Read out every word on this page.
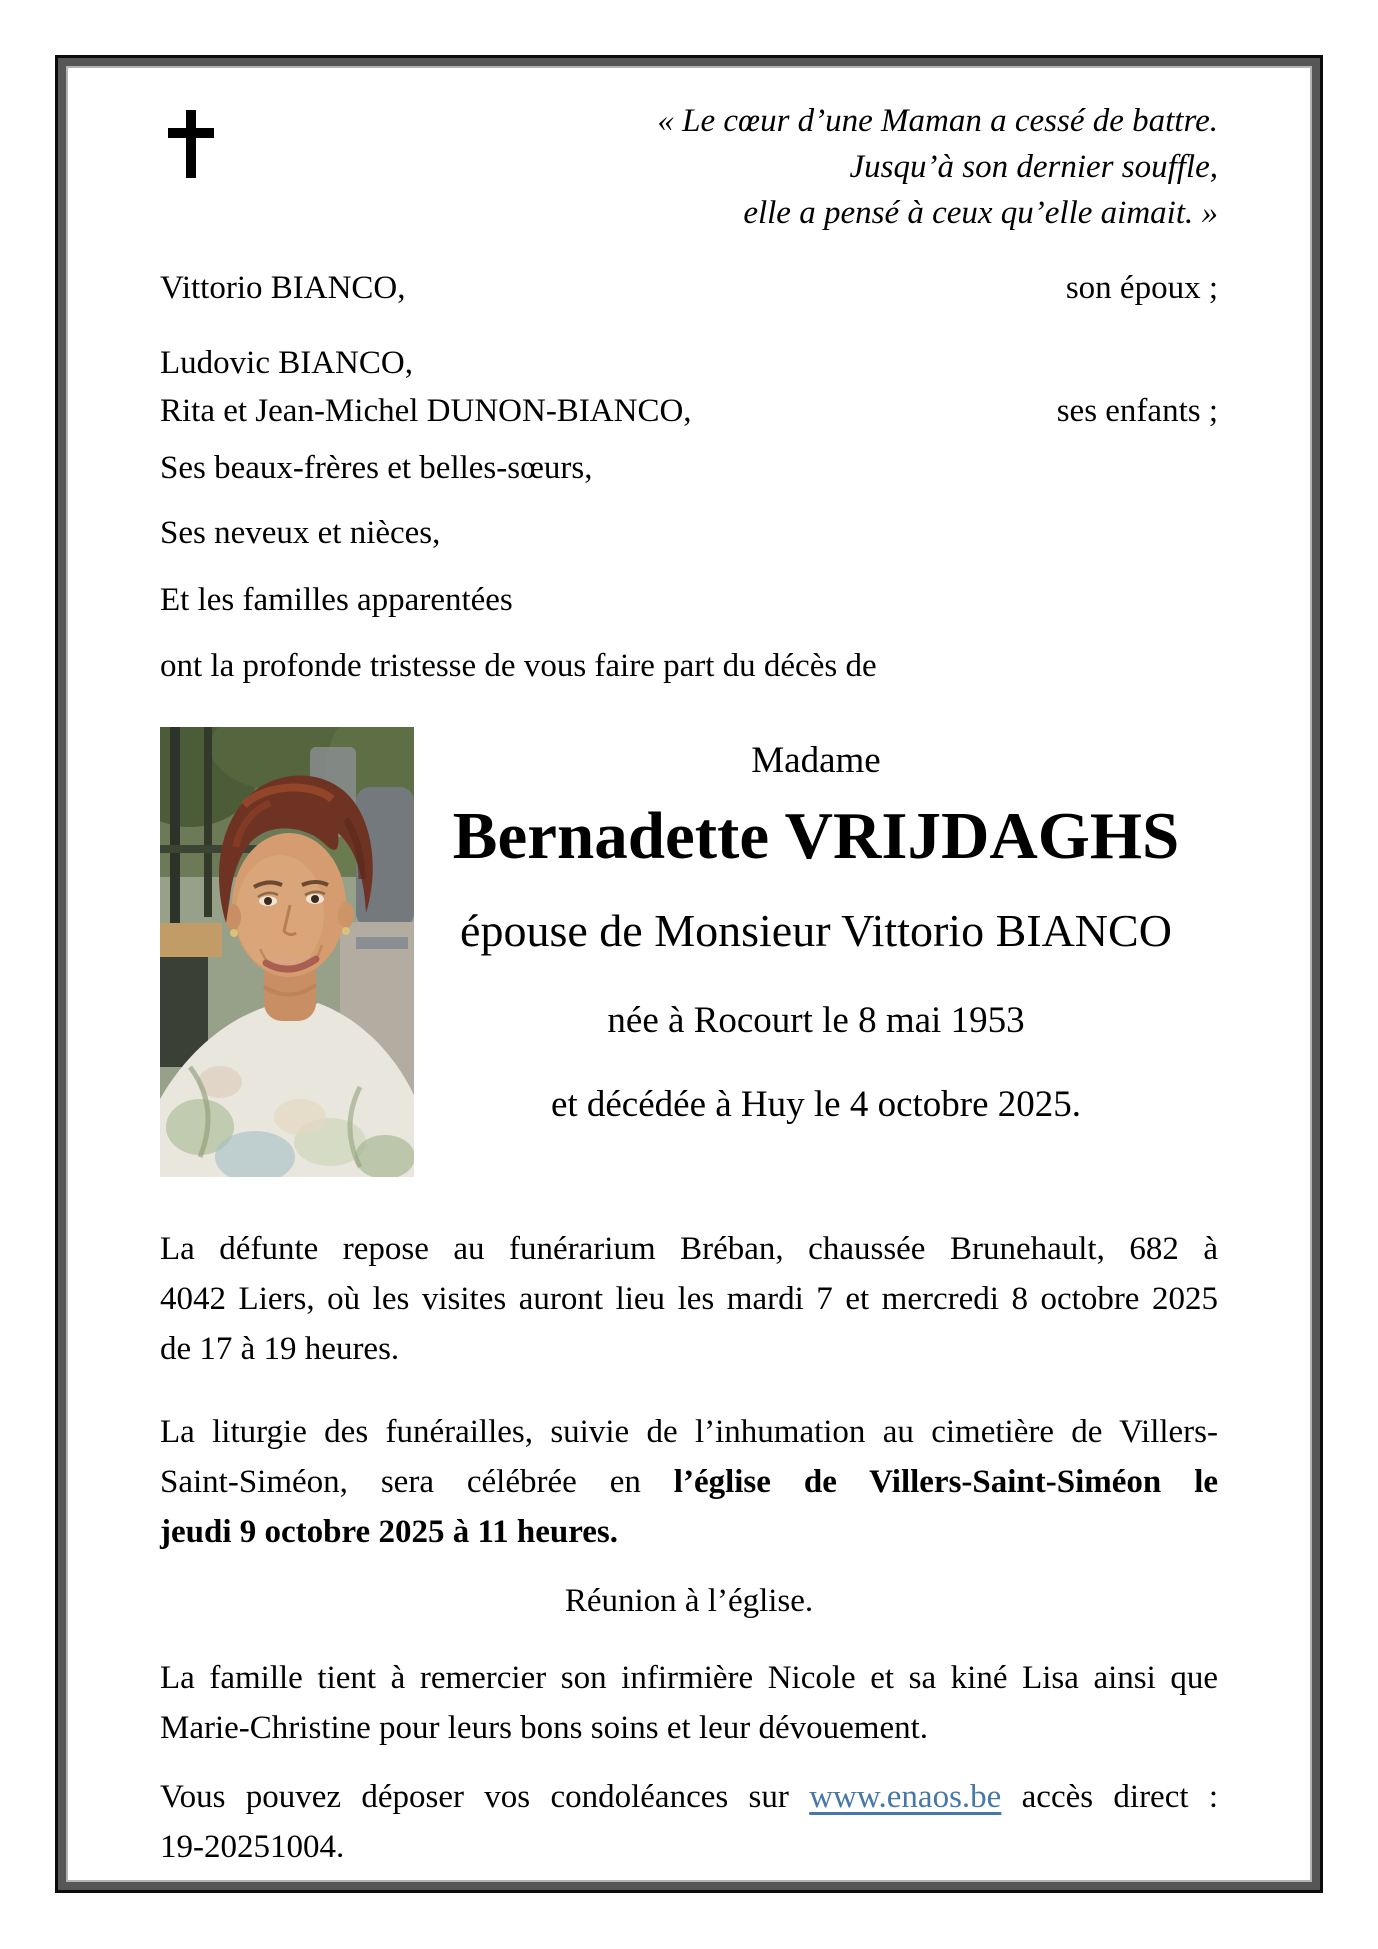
« Le cœur d’une Maman a cessé de battre.
Jusqu’à son dernier souffle,
elle a pensé à ceux qu’elle aimait. »
Vittorio BIANCO,	son époux ;
Ludovic BIANCO,
Rita et Jean-Michel DUNON-BIANCO,	ses enfants ;
Ses beaux-frères et belles-sœurs,
Ses neveux et nièces,
Et les familles apparentées

ont la profonde tristesse de vous faire part du décès de

Madame
Bernadette VRIJDAGHS
épouse de Monsieur Vittorio BIANCO
née à Rocourt le 8 mai 1953
et décédée à Huy le 4 octobre 2025.
La défunte repose au funérarium Bréban, chaussée Brunehault, 682 à
4042 Liers, où les visites auront lieu les mardi 7 et mercredi 8 octobre 2025
de 17 à 19 heures.
La liturgie des funérailles, suivie de l’inhumation au cimetière de Villers-
Saint-Siméon, sera célébrée en l’église de Villers-Saint-Siméon le
jeudi 9 octobre 2025 à 11 heures.
Réunion à l’église.
La famille tient à remercier son infirmière Nicole et sa kiné Lisa ainsi que
Marie-Christine pour leurs bons soins et leur dévouement.
Vous pouvez déposer vos condoléances sur www.enaos.be accès direct :
19-20251004.
